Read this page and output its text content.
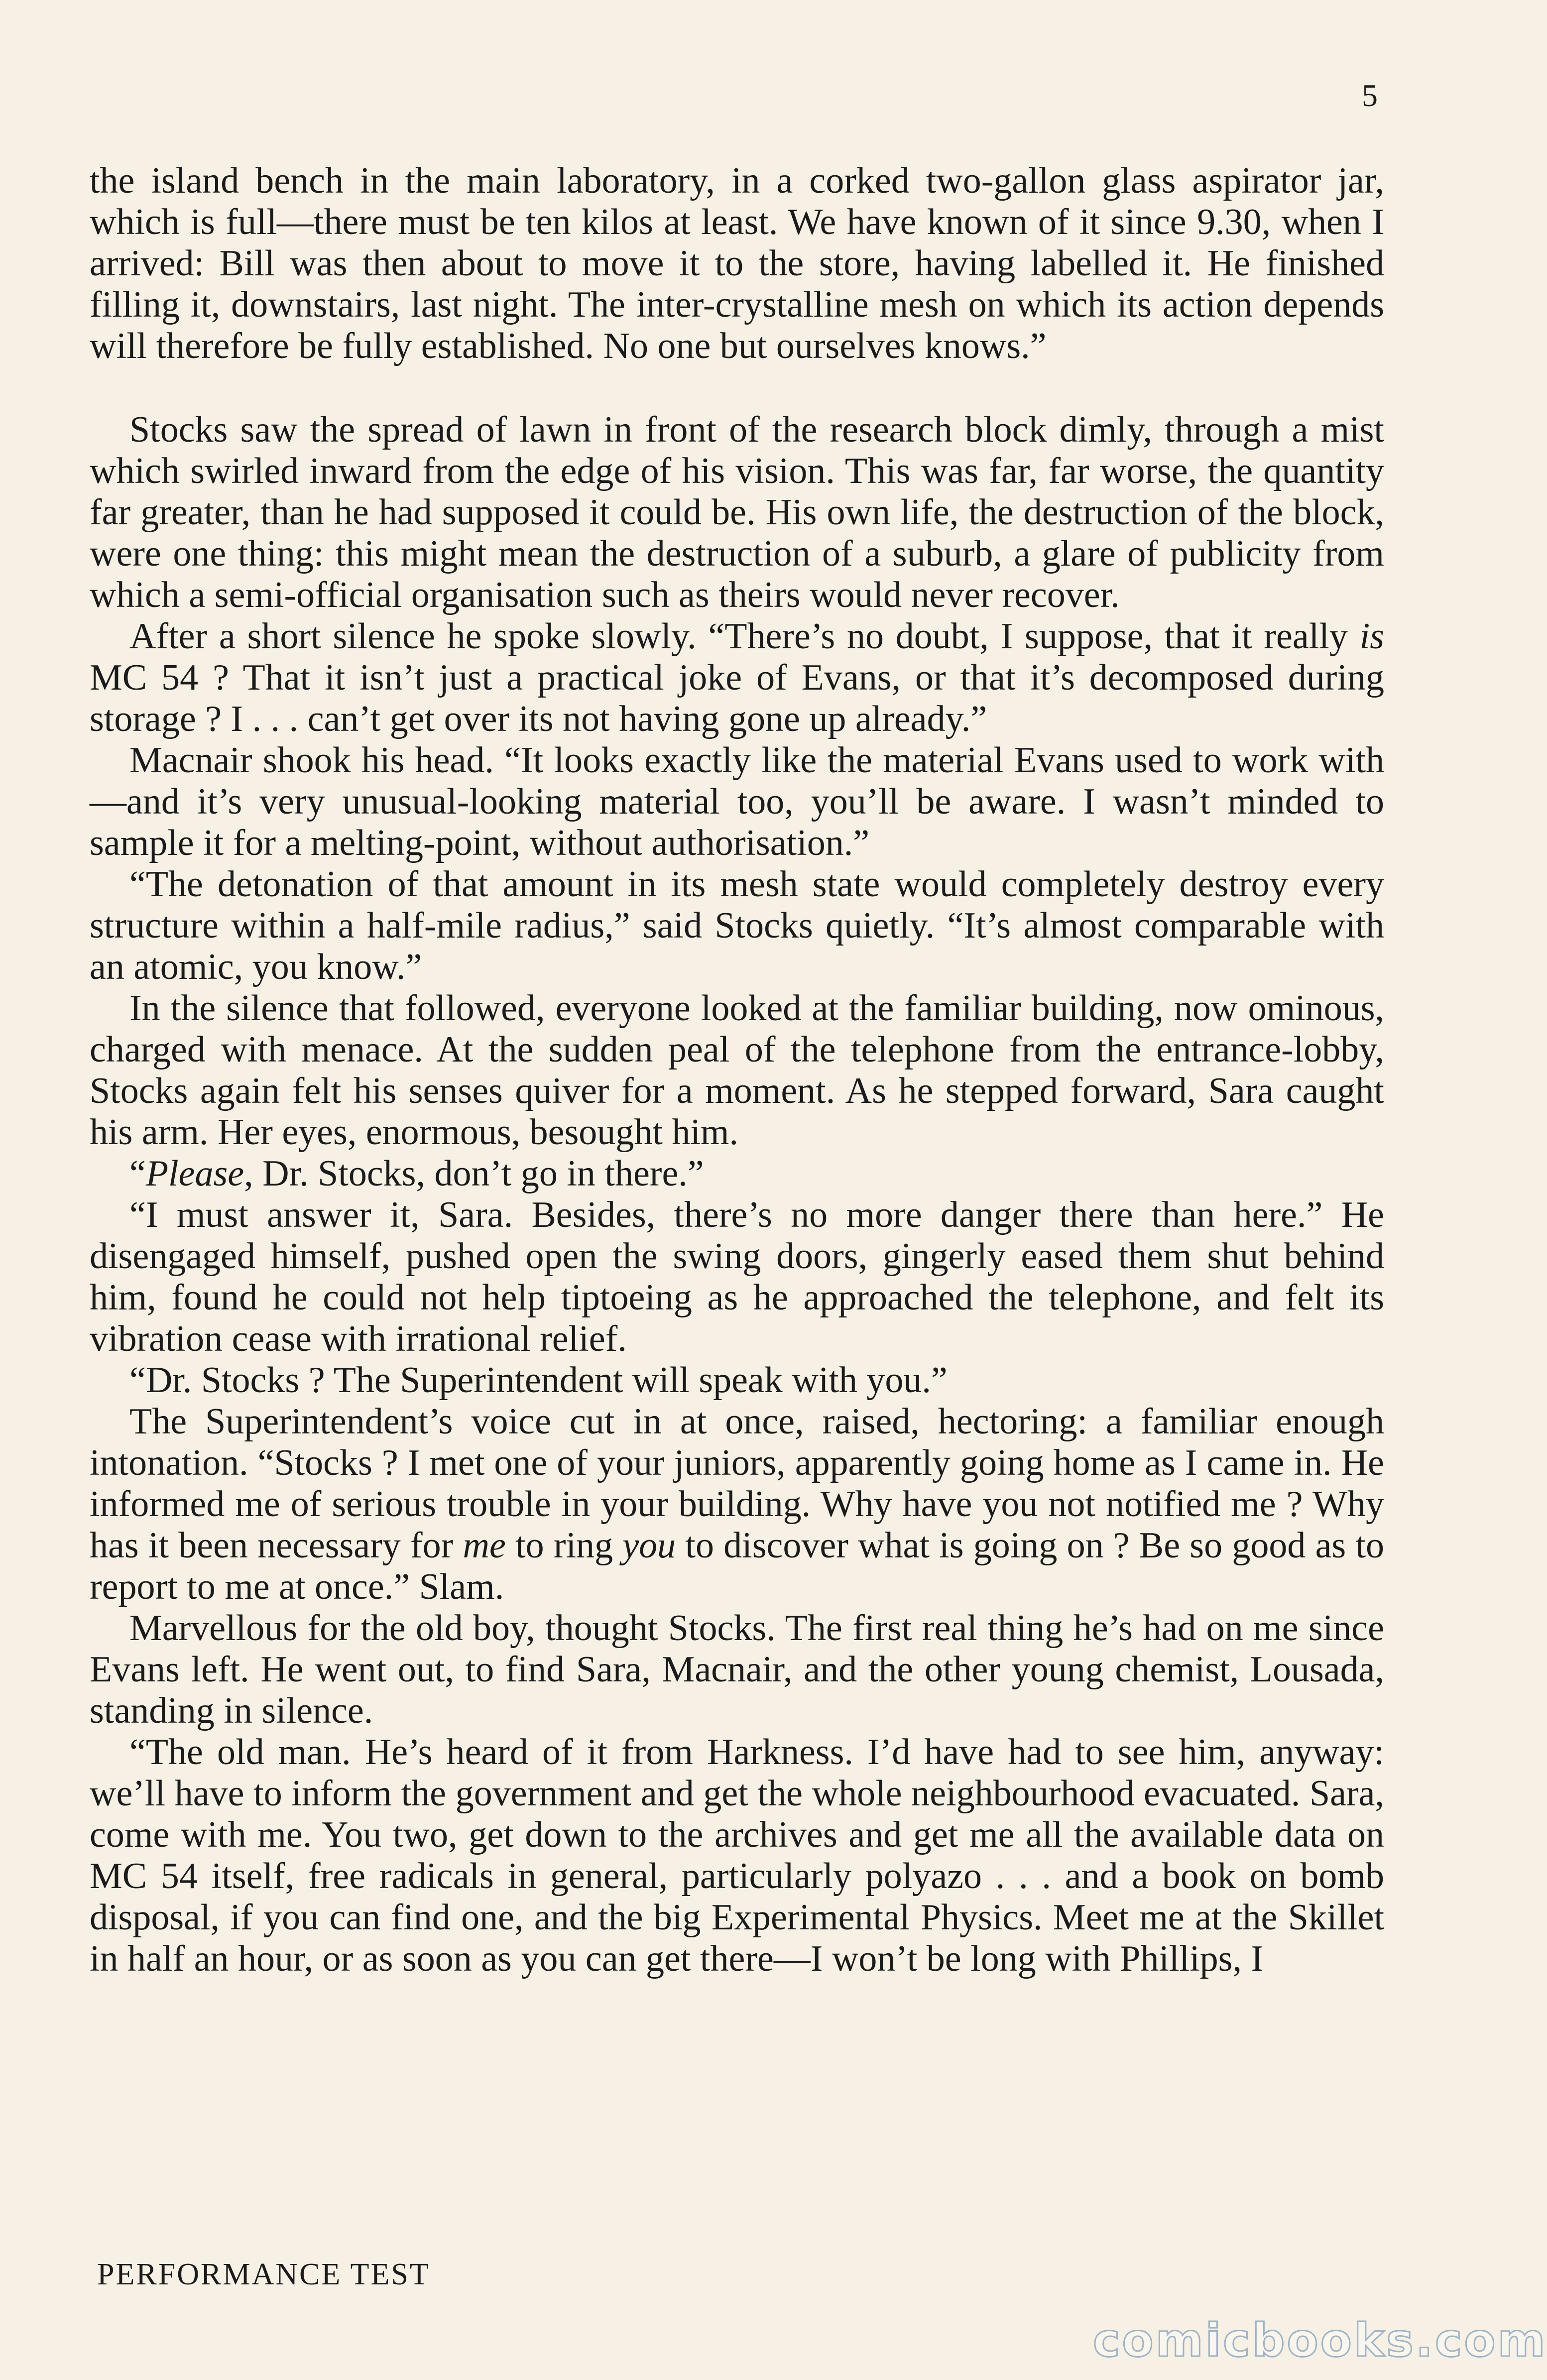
5

the island bench in the main laboratory, in a corked two-gallon glass aspirator jar, which is full—there must be ten kilos at least. We have known of it since 9.30, when I arrived: Bill was then about to move it to the store, having labelled it. He finished filling it, downstairs, last night. The inter-crystalline mesh on which its action depends will therefore be fully established. No one but ourselves knows.”

Stocks saw the spread of lawn in front of the research block dimly, through a mist which swirled inward from the edge of his vision. This was far, far worse, the quantity far greater, than he had supposed it could be. His own life, the destruction of the block, were one thing: this might mean the destruction of a suburb, a glare of publicity from which a semi-official organisation such as theirs would never recover.

After a short silence he spoke slowly. “There’s no doubt, I suppose, that it really is MC 54 ? That it isn’t just a practical joke of Evans, or that it’s decomposed during storage ? I . . . can’t get over its not having gone up already.”

Macnair shook his head. “It looks exactly like the material Evans used to work with—and it’s very unusual-looking material too, you’ll be aware. I wasn’t minded to sample it for a melting-point, without authorisation.”

“The detonation of that amount in its mesh state would completely destroy every structure within a half-mile radius,” said Stocks quietly. “It’s almost comparable with an atomic, you know.”

In the silence that followed, everyone looked at the familiar building, now ominous, charged with menace. At the sudden peal of the telephone from the entrance-lobby, Stocks again felt his senses quiver for a moment. As he stepped forward, Sara caught his arm. Her eyes, enormous, besought him.

“Please, Dr. Stocks, don’t go in there.”

“I must answer it, Sara. Besides, there’s no more danger there than here.” He disengaged himself, pushed open the swing doors, gingerly eased them shut behind him, found he could not help tiptoeing as he approached the telephone, and felt its vibration cease with irrational relief.

“Dr. Stocks ? The Superintendent will speak with you.”

The Superintendent’s voice cut in at once, raised, hectoring: a familiar enough intonation. “Stocks ? I met one of your juniors, apparently going home as I came in. He informed me of serious trouble in your building. Why have you not notified me ? Why has it been necessary for me to ring you to discover what is going on ? Be so good as to report to me at once.” Slam.

Marvellous for the old boy, thought Stocks. The first real thing he’s had on me since Evans left. He went out, to find Sara, Macnair, and the other young chemist, Lousada, standing in silence.

“The old man. He’s heard of it from Harkness. I’d have had to see him, anyway: we’ll have to inform the government and get the whole neighbourhood evacuated. Sara, come with me. You two, get down to the archives and get me all the available data on MC 54 itself, free radicals in general, particularly polyazo . . . and a book on bomb disposal, if you can find one, and the big Experimental Physics. Meet me at the Skillet in half an hour, or as soon as you can get there—I won’t be long with Phillips, I

PERFORMANCE TEST
comicbooks.com
